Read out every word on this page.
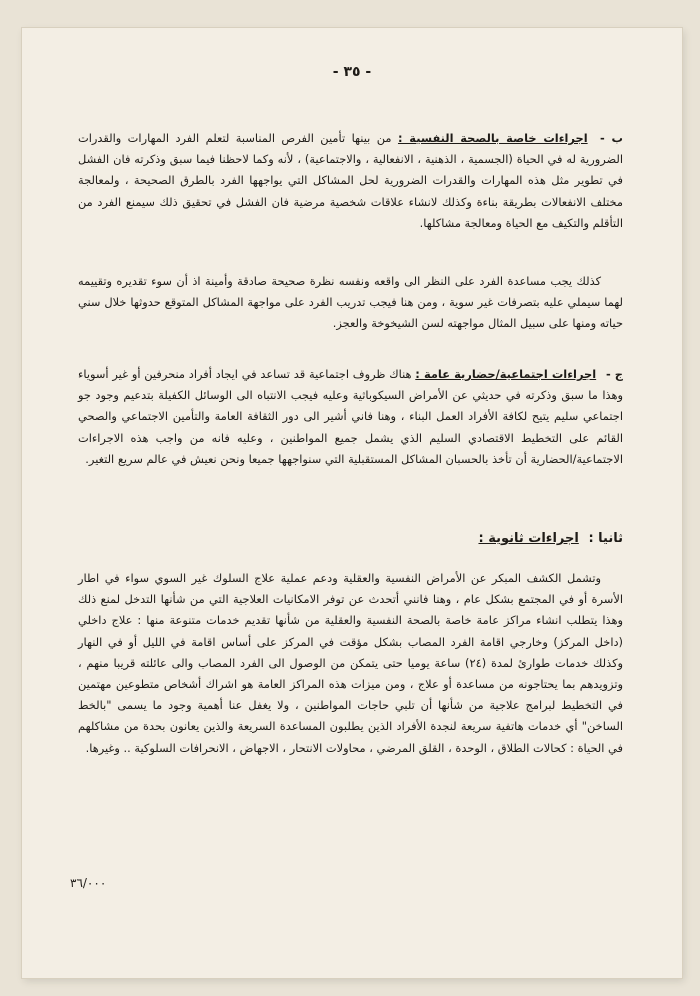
- ٣٥ -
ب - اجراءات خاصة بالصحة النفسية : من بينها تأمين الفرص المناسبة لتعلم الفرد المهارات والقدرات الضرورية له في الحياة (الجسمية ، الذهنية ، الانفعالية ، والاجتماعية) ، لأنه وكما لاحظنا فيما سبق وذكرته فان الفشل في تطوير مثل هذه المهارات والقدرات الضرورية لحل المشاكل التي يواجهها الفرد بالطرق الصحيحة ، ولمعالجة مختلف الانفعالات بطريقة بناءة وكذلك لانشاء علاقات شخصية مرضية فان الفشل في تحقيق ذلك سيمنع الفرد من التأقلم والتكيف مع الحياة ومعالجة مشاكلها.
كذلك يجب مساعدة الفرد على النظر الى واقعه ونفسه نظرة صحيحة صادقة وأمينة اذ أن سوء تقديره وتقييمه لهما سيملي عليه بتصرفات غير سوية ، ومن هنا فيجب تدريب الفرد على مواجهة المشاكل المتوقع حدوثها خلال سني حياته ومنها على سبيل المثال مواجهته لسن الشيخوخة والعجز.
ج - اجراءات اجتماعية/حضارية عامة : هناك ظروف اجتماعية قد تساعد في ايجاد أفراد منحرفين أو غير أسوياء وهذا ما سبق وذكرته في حديثي عن الأمراض السيكوباثية وعليه فيجب الانتباه الى الوسائل الكفيلة بتدعيم وجود جو اجتماعي سليم يتيح لكافة الأفراد العمل البناء ، وهنا فاني أشير الى دور الثقافة العامة والتأمين الاجتماعي والصحي القائم على التخطيط الاقتصادي السليم الذي يشمل جميع المواطنين ، وعليه فانه من واجب هذه الاجراءات الاجتماعية/الحضارية أن تأخذ بالحسبان المشاكل المستقبلية التي سنواجهها جميعا ونحن نعيش في عالم سريع التغير.
ثانيا : اجراءات ثانوية :
وتشمل الكشف المبكر عن الأمراض النفسية والعقلية ودعم عملية علاج السلوك غير السوي سواء في اطار الأسرة أو في المجتمع بشكل عام ، وهنا فانني أتحدث عن توفر الامكانيات العلاجية التي من شأنها التدخل لمنع ذلك وهذا يتطلب انشاء مراكز عامة خاصة بالصحة النفسية والعقلية من شأنها تقديم خدمات متنوعة منها : علاج داخلي (داخل المركز) وخارجي اقامة الفرد المصاب بشكل مؤقت في المركز على أساس اقامة في الليل أو في النهار وكذلك خدمات طوارئ لمدة (٢٤) ساعة يوميا حتى يتمكن من الوصول الى الفرد المصاب والى عائلته قريبا منهم ، وتزويدهم بما يحتاجونه من مساعدة أو علاج ، ومن ميزات هذه المراكز العامة هو اشراك أشخاص متطوعين مهتمين في التخطيط لبرامج علاجية من شأنها أن تلبي حاجات المواطنين ، ولا يغفل عنا أهمية وجود ما يسمى "بالخط الساخن" أي خدمات هاتفية سريعة لنجدة الأفراد الذين يطلبون المساعدة السريعة والذين يعانون بحدة من مشاكلهم في الحياة : كحالات الطلاق ، الوحدة ، القلق المرضي ، محاولات الانتحار ، الاجهاض ، الانحرافات السلوكية .. وغيرها.
٣٦/٠٠٠
